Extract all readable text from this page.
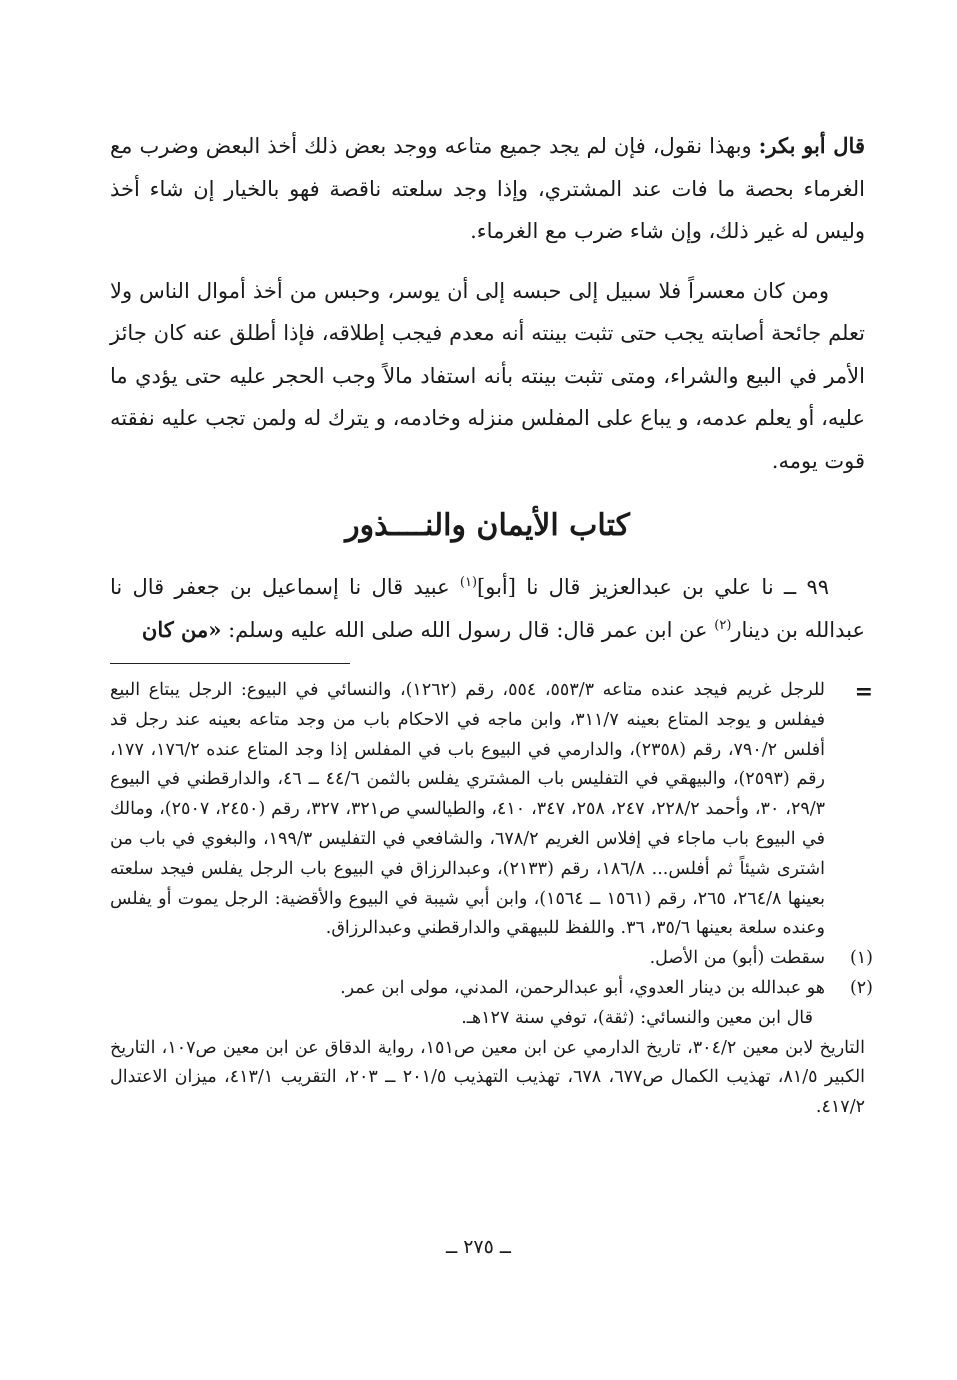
قال أبو بكر: وبهذا نقول، فإن لم يجد جميع متاعه ووجد بعض ذلك أخذ البعض وضرب مع الغرماء بحصة ما فات عند المشتري، وإذا وجد سلعته ناقصة فهو بالخيار إن شاء أخذ وليس له غير ذلك، وإن شاء ضرب مع الغرماء.

ومن كان معسراً فلا سبيل إلى حبسه إلى أن يوسر، وحبس من أخذ أموال الناس ولا تعلم جائحة أصابته يجب حتى تثبت بينته أنه معدم فيجب إطلاقه، فإذا أطلق عنه كان جائز الأمر في البيع والشراء، ومتى تثبت بينته بأنه استفاد مالاً وجب الحجر عليه حتى يؤدي ما عليه، أو يعلم عدمه، و يباع على المفلس منزله وخادمه، و يترك له ولمن تجب عليه نفقته قوت يومه.

كتاب الأيمان والنــــذور

٩٩ ــ نا علي بن عبدالعزيز قال نا [أبو]$^{(١)}$ عبيد قال نا إسماعيل بن جعفر قال نا عبدالله بن دينار$^{(٢)}$ عن ابن عمر قال: قال رسول الله صلى الله عليه وسلم: «من كان

=

للرجل غريم فيجد عنده متاعه ٥٥٣/٣، ٥٥٤، رقم (١٢٦٢)، والنسائي في البيوع: الرجل يبتاع البيع فيفلس و يوجد المتاع بعينه ٣١١/٧، وابن ماجه في الاحكام باب من وجد متاعه بعينه عند رجل قد أفلس ٧٩٠/٢، رقم (٢٣٥٨)، والدارمي في البيوع باب في المفلس إذا وجد المتاع عنده ١٧٦/٢، ١٧٧، رقم (٢٥٩٣)، والبيهقي في التفليس باب المشتري يفلس بالثمن ٤٤/٦ ــ ٤٦، والدارقطني في البيوع ٢٩/٣، ٣٠، وأحمد ٢٢٨/٢، ٢٤٧، ٢٥٨، ٣٤٧، ٤١٠، والطيالسي ص٣٢١، ٣٢٧، رقم (٢٤٥٠، ٢٥٠٧)، ومالك في البيوع باب ماجاء في إفلاس الغريم ٦٧٨/٢، والشافعي في التفليس ١٩٩/٣، والبغوي في باب من اشترى شيئاً ثم أفلس... ١٨٦/٨، رقم (٢١٣٣)، وعبدالرزاق في البيوع باب الرجل يفلس فيجد سلعته بعينها ٢٦٤/٨، ٢٦٥، رقم (١٥٦١ ــ ١٥٦٤)، وابن أبي شيبة في البيوع والأقضية: الرجل يموت أو يفلس وعنده سلعة بعينها ٣٥/٦، ٣٦. واللفظ للبيهقي والدارقطني وعبدالرزاق.

(١)

سقطت (أبو) من الأصل.

(٢)

هو عبدالله بن دينار العدوي، أبو عبدالرحمن، المدني، مولى ابن عمر.

قال ابن معين والنسائي: (ثقة)، توفي سنة ١٢٧هـ.

التاريخ لابن معين ٣٠٤/٢، تاريخ الدارمي عن ابن معين ص١٥١، رواية الدقاق عن ابن معين ص١٠٧، التاريخ الكبير ٨١/٥، تهذيب الكمال ص٦٧٧، ٦٧٨، تهذيب التهذيب ٢٠١/٥ ــ ٢٠٣، التقريب ٤١٣/١، ميزان الاعتدال ٤١٧/٢.

ــ ٢٧٥ ــ
